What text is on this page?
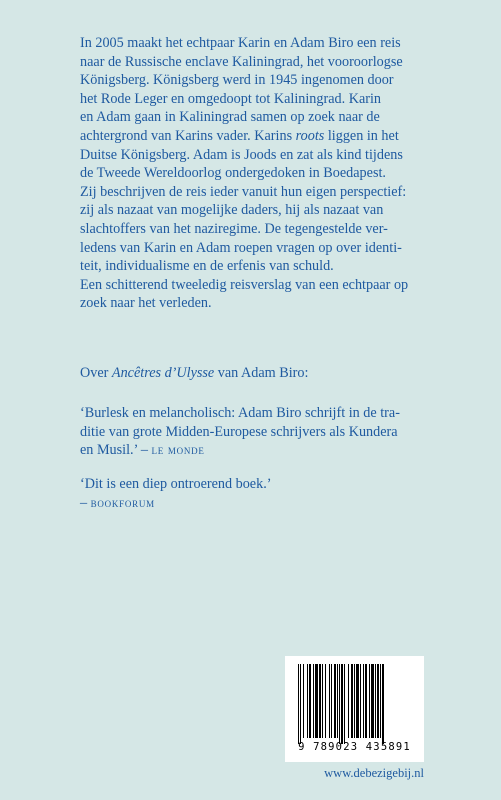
In 2005 maakt het echtpaar Karin en Adam Biro een reis
naar de Russische enclave Kaliningrad, het vooroorlogse
Königsberg. Königsberg werd in 1945 ingenomen door
het Rode Leger en omgedoopt tot Kaliningrad. Karin
en Adam gaan in Kaliningrad samen op zoek naar de
achtergrond van Karins vader. Karins roots liggen in het
Duitse Königsberg. Adam is Joods en zat als kind tijdens
de Tweede Wereldoorlog ondergedoken in Boedapest.
Zij beschrijven de reis ieder vanuit hun eigen perspectief:
zij als nazaat van mogelijke daders, hij als nazaat van
slachtoffers van het naziregime. De tegengestelde ver-
ledens van Karin en Adam roepen vragen op over identi-
teit, individualisme en de erfenis van schuld.
Een schitterend tweeledig reisverslag van een echtpaar op
zoek naar het verleden.
Over Ancêtres d’Ulysse van Adam Biro:
‘Burlesk en melancholisch: Adam Biro schrijft in de tra-
ditie van grote Midden-Europese schrijvers als Kundera
en Musil.’ – le monde
‘Dit is een diep ontroerend boek.’
– bookforum
9 789023 435891
www.debezigebij.nl
